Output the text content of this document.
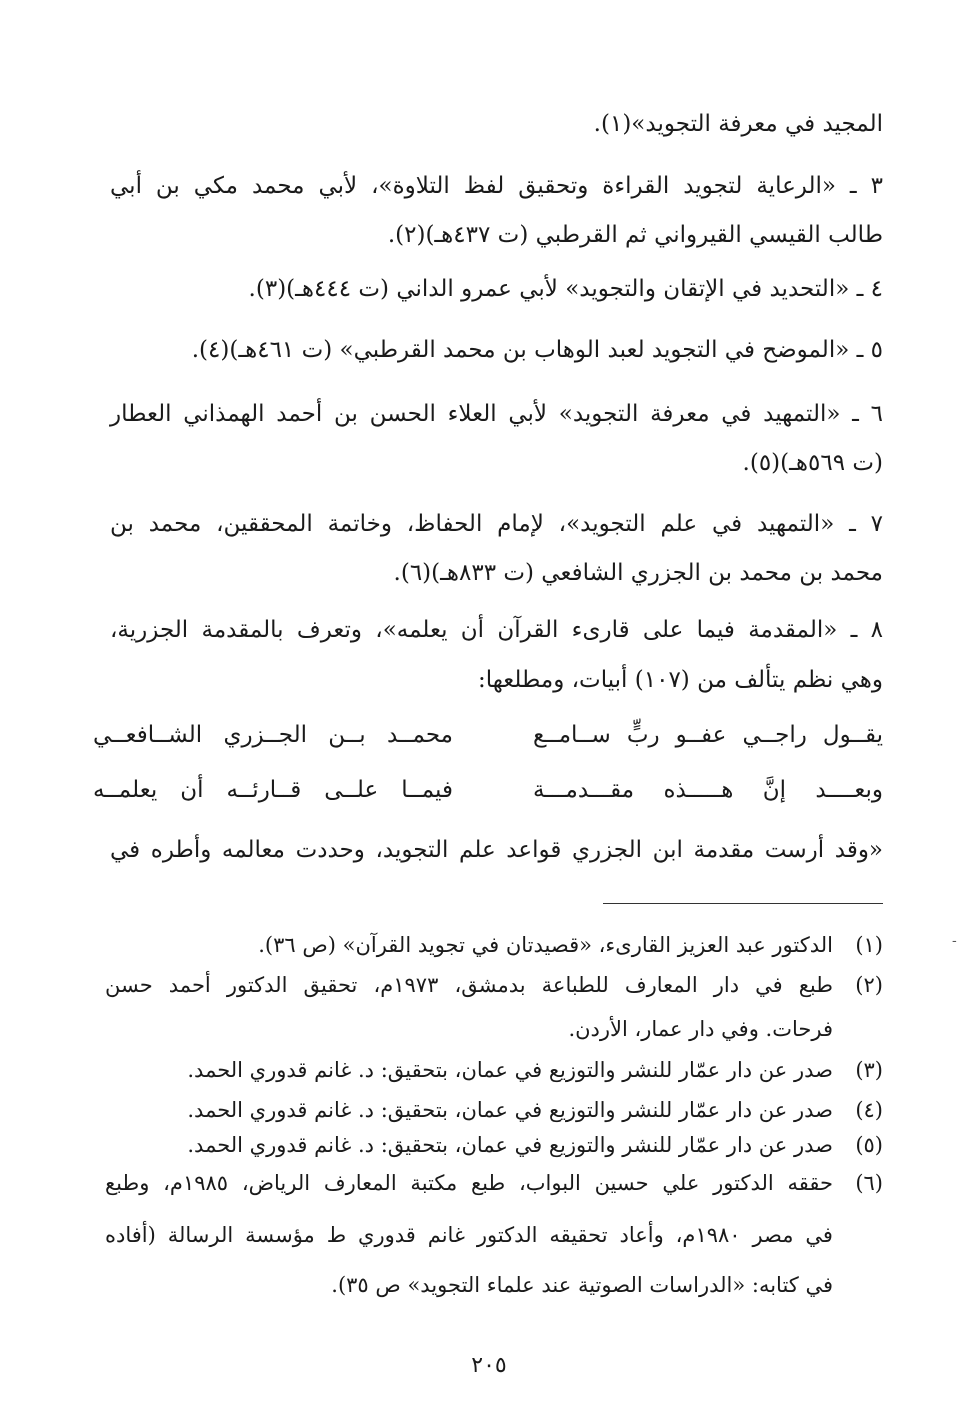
المجيد في معرفة التجويد»(١).
٣ ـ «الرعاية لتجويد القراءة وتحقيق لفظ التلاوة»، لأبي محمد مكي بن أبي
طالب القيسي القيرواني ثم القرطبي (ت ٤٣٧هـ)(٢).
٤ ـ «التحديد في الإتقان والتجويد» لأبي عمرو الداني (ت ٤٤٤هـ)(٣).
٥ ـ «الموضح في التجويد لعبد الوهاب بن محمد القرطبي» (ت ٤٦١هـ)(٤).
٦ ـ «التمهيد في معرفة التجويد» لأبي العلاء الحسن بن أحمد الهمذاني العطار
(ت ٥٦٩هـ)(٥).
٧ ـ «التمهيد في علم التجويد»، لإمام الحفاظ، وخاتمة المحققين، محمد بن
محمد بن محمد بن الجزري الشافعي (ت ٨٣٣هـ)(٦).
٨ ـ «المقدمة فيما على قارىء القرآن أن يعلمه»، وتعرف بالمقدمة الجزرية،
وهي نظم يتألف من (١٠٧) أبيات، ومطلعها:
يقــول راجــي عفــو ربٍّ ســامــع
محمــد بــن الجــزري الشــافعــي
وبعــــد إنَّ هـــــذه مقـــدمـــة
فيمــا علــى قــارئــه أن يعلمــه
«وقد أرست مقدمة ابن الجزري قواعد علم التجويد، وحددت معالمه وأطره في
(١)الدكتور عبد العزيز القارىء، «قصيدتان في تجويد القرآن» (ص ٣٦).
(٢)طبع في دار المعارف للطباعة بدمشق، ١٩٧٣م، تحقيق الدكتور أحمد حسن
فرحات. وفي دار عمار، الأردن.
(٣)صدر عن دار عمّار للنشر والتوزيع في عمان، بتحقيق: د. غانم قدوري الحمد.
(٤)صدر عن دار عمّار للنشر والتوزيع في عمان، بتحقيق: د. غانم قدوري الحمد.
(٥)صدر عن دار عمّار للنشر والتوزيع في عمان، بتحقيق: د. غانم قدوري الحمد.
(٦)حققه الدكتور علي حسين البواب، طبع مكتبة المعارف الرياض، ١٩٨٥م، وطبع
في مصر ١٩٨٠م، وأعاد تحقيقه الدكتور غانم قدوري ط مؤسسة الرسالة (أفاده
في كتابه: «الدراسات الصوتية عند علماء التجويد» ص ٣٥).
٢٠٥
-
